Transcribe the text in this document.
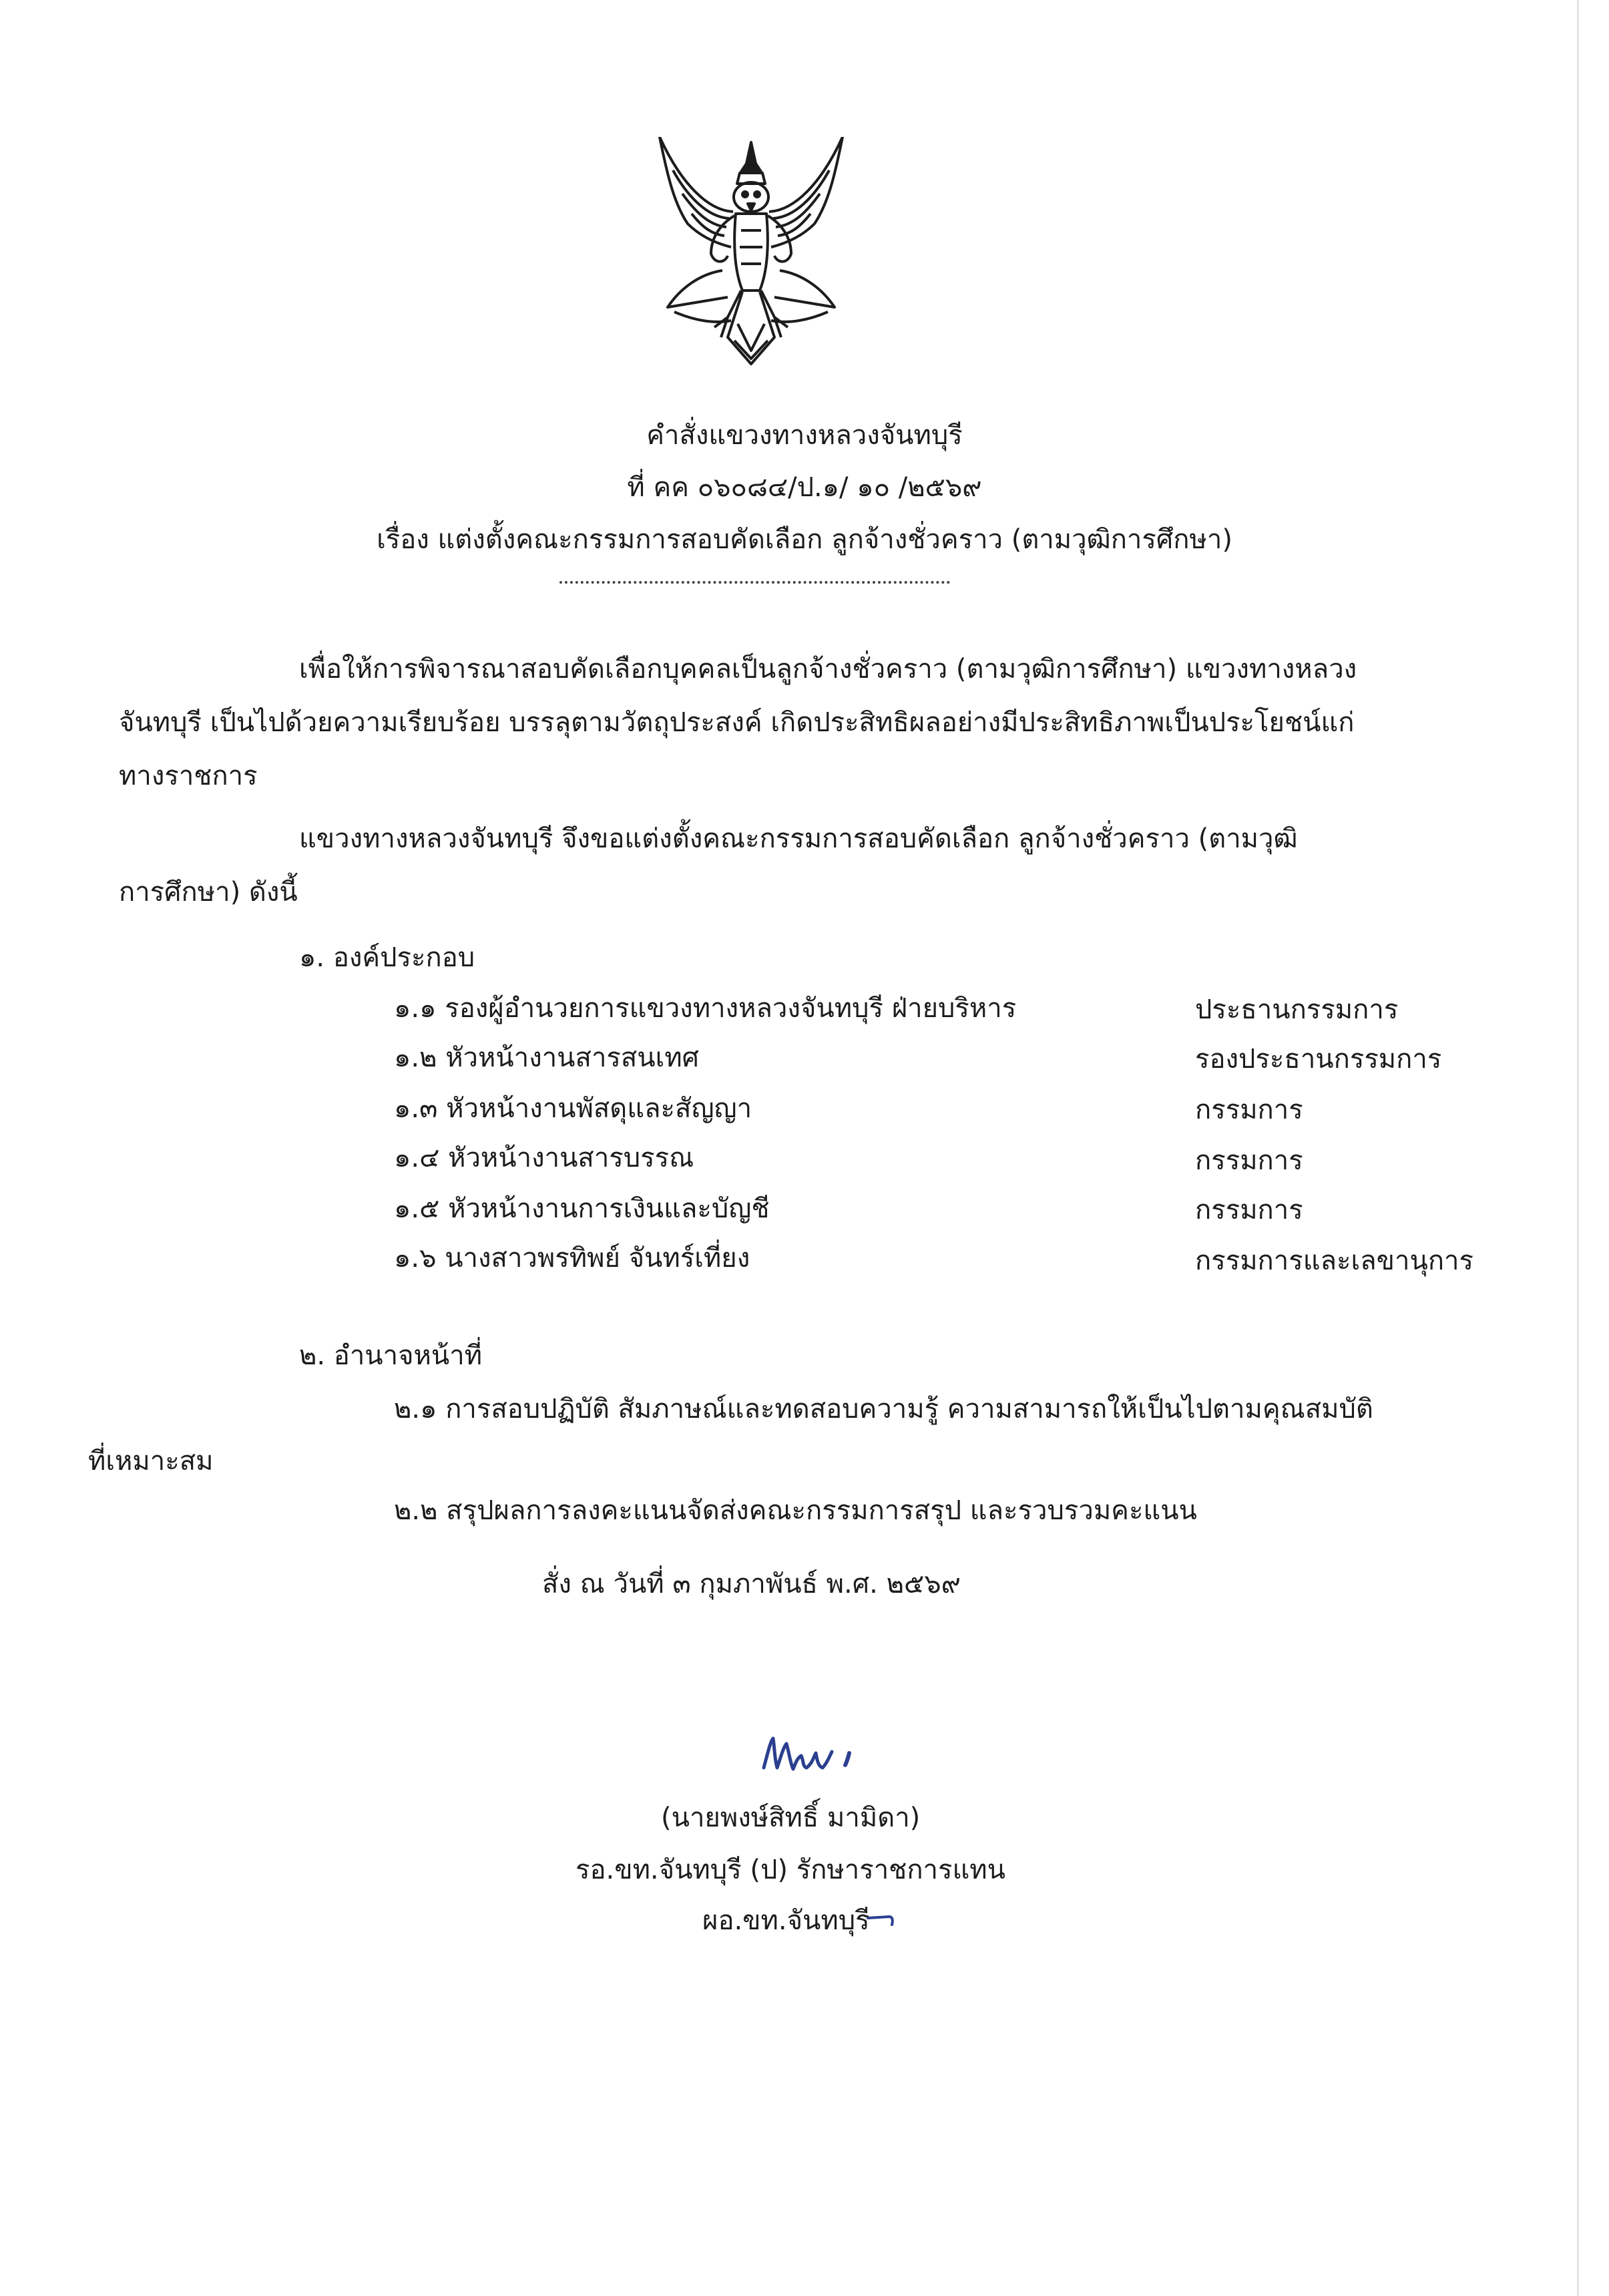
คำสั่งแขวงทางหลวงจันทบุรี
ที่ คค ๐๖๐๘๔/ป.๑/ ๑๐ /๒๕๖๙
เรื่อง แต่งตั้งคณะกรรมการสอบคัดเลือก ลูกจ้างชั่วคราว (ตามวุฒิการศึกษา)
เพื่อให้การพิจารณาสอบคัดเลือกบุคคลเป็นลูกจ้างชั่วคราว (ตามวุฒิการศึกษา) แขวงทางหลวง
จันทบุรี เป็นไปด้วยความเรียบร้อย บรรลุตามวัตถุประสงค์ เกิดประสิทธิผลอย่างมีประสิทธิภาพเป็นประโยชน์แก่
ทางราชการ
แขวงทางหลวงจันทบุรี จึงขอแต่งตั้งคณะกรรมการสอบคัดเลือก ลูกจ้างชั่วคราว (ตามวุฒิ
การศึกษา) ดังนี้
๑. องค์ประกอบ
๑.๑ รองผู้อำนวยการแขวงทางหลวงจันทบุรี ฝ่ายบริหาร	ประธานกรรมการ
๑.๒ หัวหน้างานสารสนเทศ	รองประธานกรรมการ
๑.๓ หัวหน้างานพัสดุและสัญญา	กรรมการ
๑.๔ หัวหน้างานสารบรรณ	กรรมการ
๑.๕ หัวหน้างานการเงินและบัญชี	กรรมการ
๑.๖ นางสาวพรทิพย์ จันทร์เที่ยง	กรรมการและเลขานุการ
๒. อำนาจหน้าที่
๒.๑ การสอบปฏิบัติ สัมภาษณ์และทดสอบความรู้ ความสามารถให้เป็นไปตามคุณสมบัติ
ที่เหมาะสม
๒.๒ สรุปผลการลงคะแนนจัดส่งคณะกรรมการสรุป และรวบรวมคะแนน
สั่ง ณ วันที่ ๓ กุมภาพันธ์ พ.ศ. ๒๕๖๙
(นายพงษ์สิทธิ์ มามิดา)
รอ.ขท.จันทบุรี (ป) รักษาราชการแทน
ผอ.ขท.จันทบุรี
